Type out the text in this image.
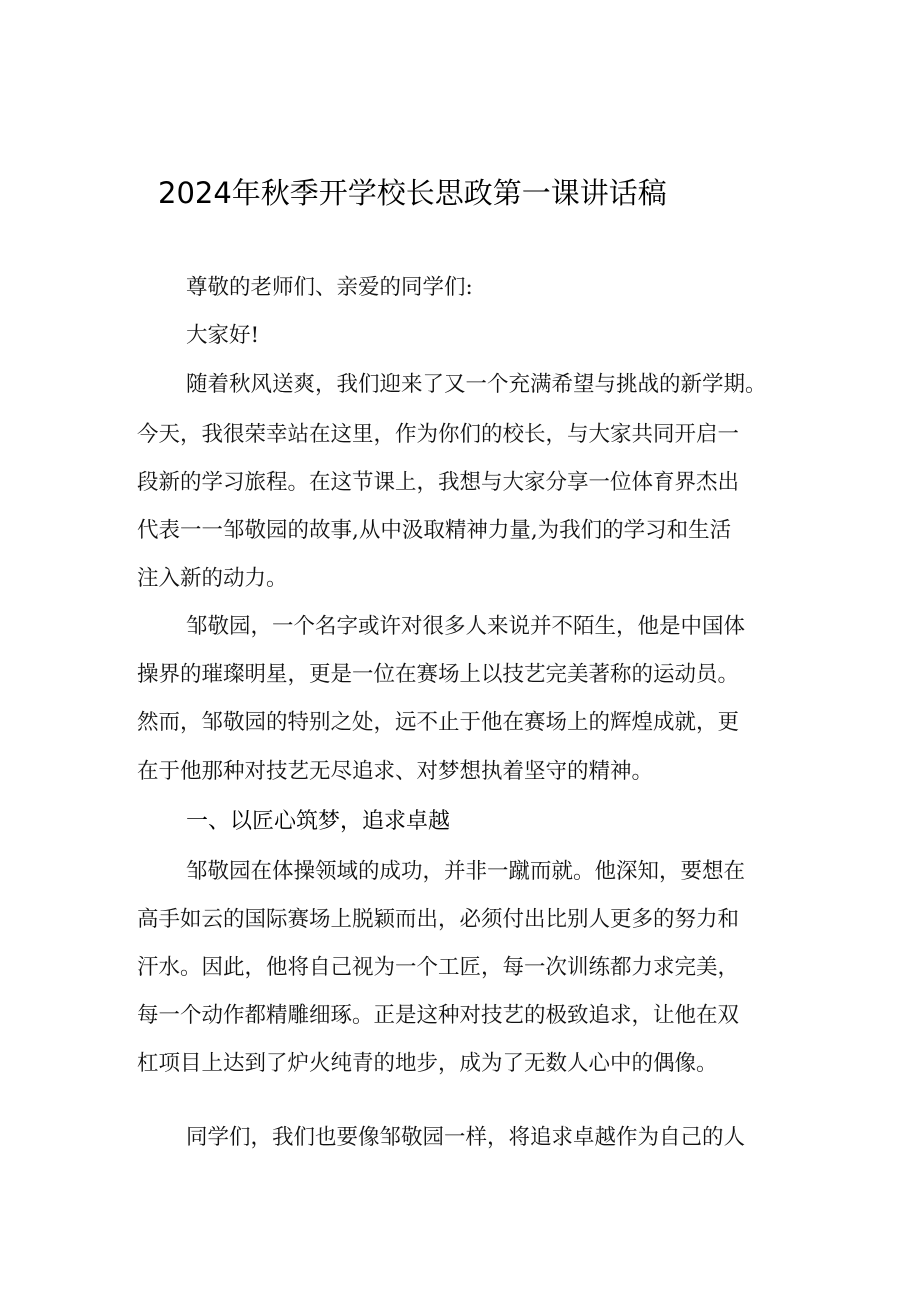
2024年秋季开学校长思政第一课讲话稿
尊敬的老师们、亲爱的同学们:
大家好!
随着秋风送爽，我们迎来了又一个充满希望与挑战的新学期。
今天，我很荣幸站在这里，作为你们的校长，与大家共同开启一
段新的学习旅程。在这节课上，我想与大家分享一位体育界杰出
代表一一邹敬园的故事,从中汲取精神力量,为我们的学习和生活
注入新的动力。
邹敬园，一个名字或许对很多人来说并不陌生，他是中国体
操界的璀璨明星，更是一位在赛场上以技艺完美著称的运动员。
然而，邹敬园的特别之处，远不止于他在赛场上的辉煌成就，更
在于他那种对技艺无尽追求、对梦想执着坚守的精神。
一、以匠心筑梦，追求卓越
邹敬园在体操领域的成功，并非一蹴而就。他深知，要想在
高手如云的国际赛场上脱颖而出，必须付出比别人更多的努力和
汗水。因此，他将自己视为一个工匠，每一次训练都力求完美，
每一个动作都精雕细琢。正是这种对技艺的极致追求，让他在双
杠项目上达到了炉火纯青的地步，成为了无数人心中的偶像。
同学们，我们也要像邹敬园一样，将追求卓越作为自己的人
